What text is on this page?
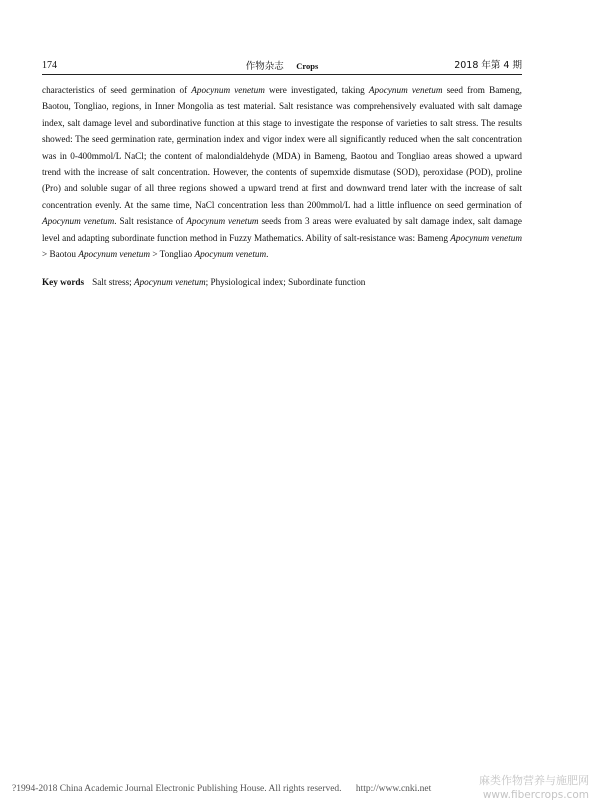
174	作物杂志 Crops	2018 年第 4 期

characteristics of seed germination of Apocynum venetum were investigated, taking Apocynum venetum seed from Bameng, Baotou, Tongliao, regions, in Inner Mongolia as test material. Salt resistance was comprehensively evaluated with salt damage index, salt damage level and subordinative function at this stage to investigate the response of varieties to salt stress. The results showed: The seed germination rate, germination index and vigor index were all significantly reduced when the salt concentration was in 0-400mmol/L NaCl; the content of malondialdehyde (MDA) in Bameng, Baotou and Tongliao areas showed a upward trend with the increase of salt concentration. However, the contents of supemxide dismutase (SOD), peroxidase (POD), proline (Pro) and soluble sugar of all three regions showed a upward trend at first and downward trend later with the increase of salt concentration evenly. At the same time, NaCl concentration less than 200mmol/L had a little influence on seed germination of Apocynum venetum. Salt resistance of Apocynum venetum seeds from 3 areas were evaluated by salt damage index, salt damage level and adapting subordinate function method in Fuzzy Mathematics. Ability of salt-resistance was: Bameng Apocynum venetum > Baotou Apocynum venetum > Tongliao Apocynum venetum.

Key words Salt stress; Apocynum venetum; Physiological index; Subordinate function
?1994-2018 China Academic Journal Electronic Publishing House. All rights reserved. http://www.cnki.net
麻类作物营养与施肥网
www.fibercrops.com
